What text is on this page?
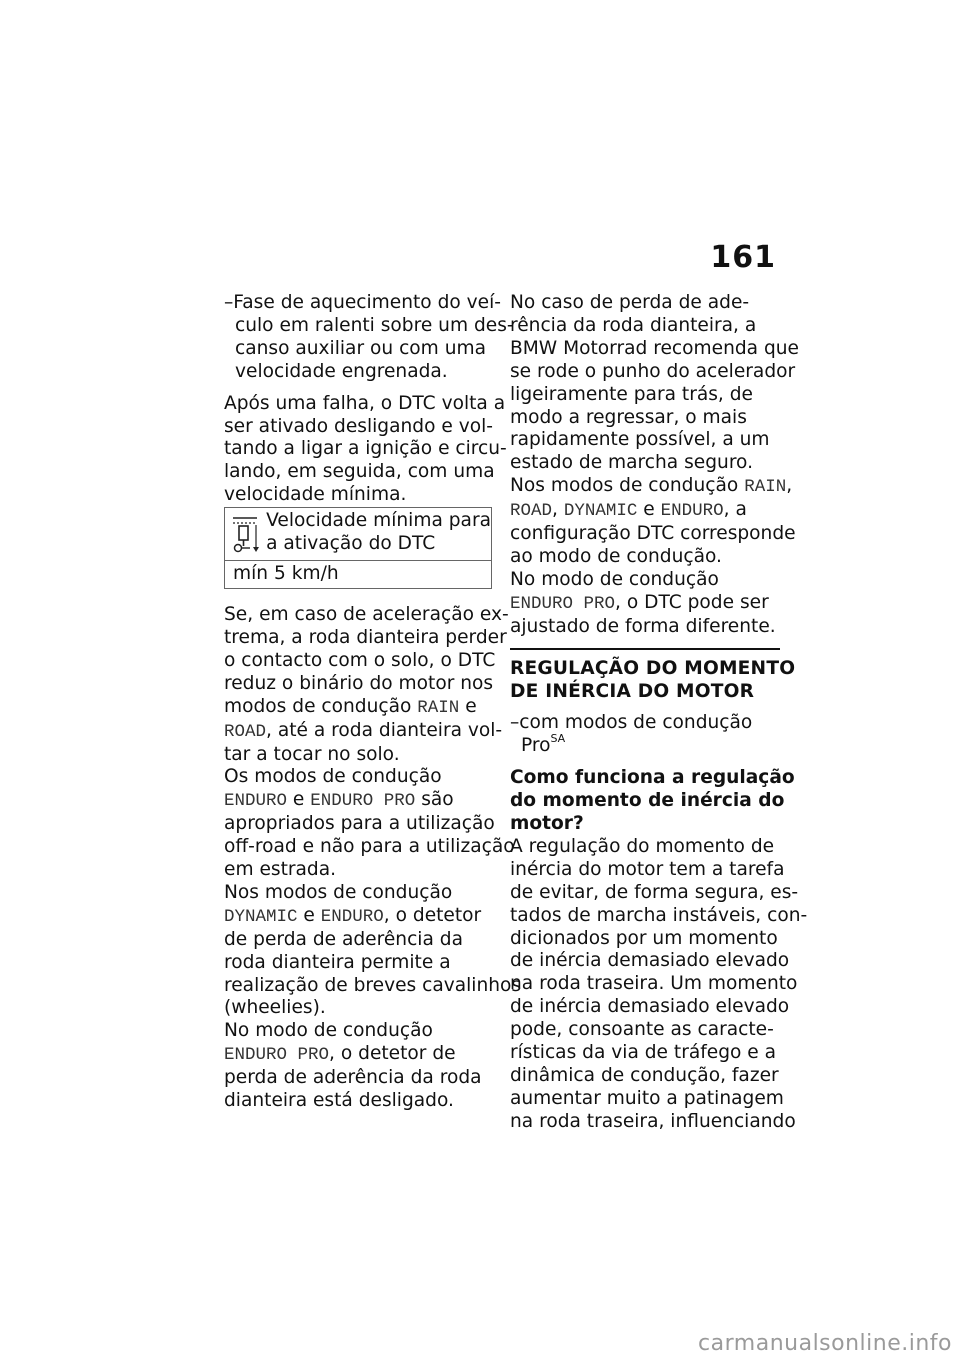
161
–Fase de aquecimento do veí-
culo em ralenti sobre um des-
canso auxiliar ou com uma
velocidade engrenada.
Após uma falha, o DTC volta a
ser ativado desligando e vol-
tando a ligar a ignição e circu-
lando, em seguida, com uma
velocidade mínima.
Velocidade mínima para
a ativação do DTC
mín 5 km/h
Se, em caso de aceleração ex-
trema, a roda dianteira perder
o contacto com o solo, o DTC
reduz o binário do motor nos
modos de condução RAIN e
ROAD, até a roda dianteira vol-
tar a tocar no solo.
Os modos de condução
ENDURO e ENDURO PRO são
apropriados para a utilização
off-road e não para a utilização
em estrada.
Nos modos de condução
DYNAMIC e ENDURO, o detetor
de perda de aderência da
roda dianteira permite a
realização de breves cavalinhos
(wheelies).
No modo de condução
ENDURO PRO, o detetor de
perda de aderência da roda
dianteira está desligado.
No caso de perda de ade-
rência da roda dianteira, a
BMW Motorrad recomenda que
se rode o punho do acelerador
ligeiramente para trás, de
modo a regressar, o mais
rapidamente possível, a um
estado de marcha seguro.
Nos modos de condução RAIN,
ROAD, DYNAMIC e ENDURO, a
configuração DTC corresponde
ao modo de condução.
No modo de condução
ENDURO PRO, o DTC pode ser
ajustado de forma diferente.
REGULAÇÃO DO MOMENTO
DE INÉRCIA DO MOTOR
–com modos de condução
Pro$^{SA}$
Como funciona a regulação
do momento de inércia do
motor?
A regulação do momento de
inércia do motor tem a tarefa
de evitar, de forma segura, es-
tados de marcha instáveis, con-
dicionados por um momento
de inércia demasiado elevado
na roda traseira. Um momento
de inércia demasiado elevado
pode, consoante as caracte-
rísticas da via de tráfego e a
dinâmica de condução, fazer
aumentar muito a patinagem
na roda traseira, influenciando
carmanualsonline.info
